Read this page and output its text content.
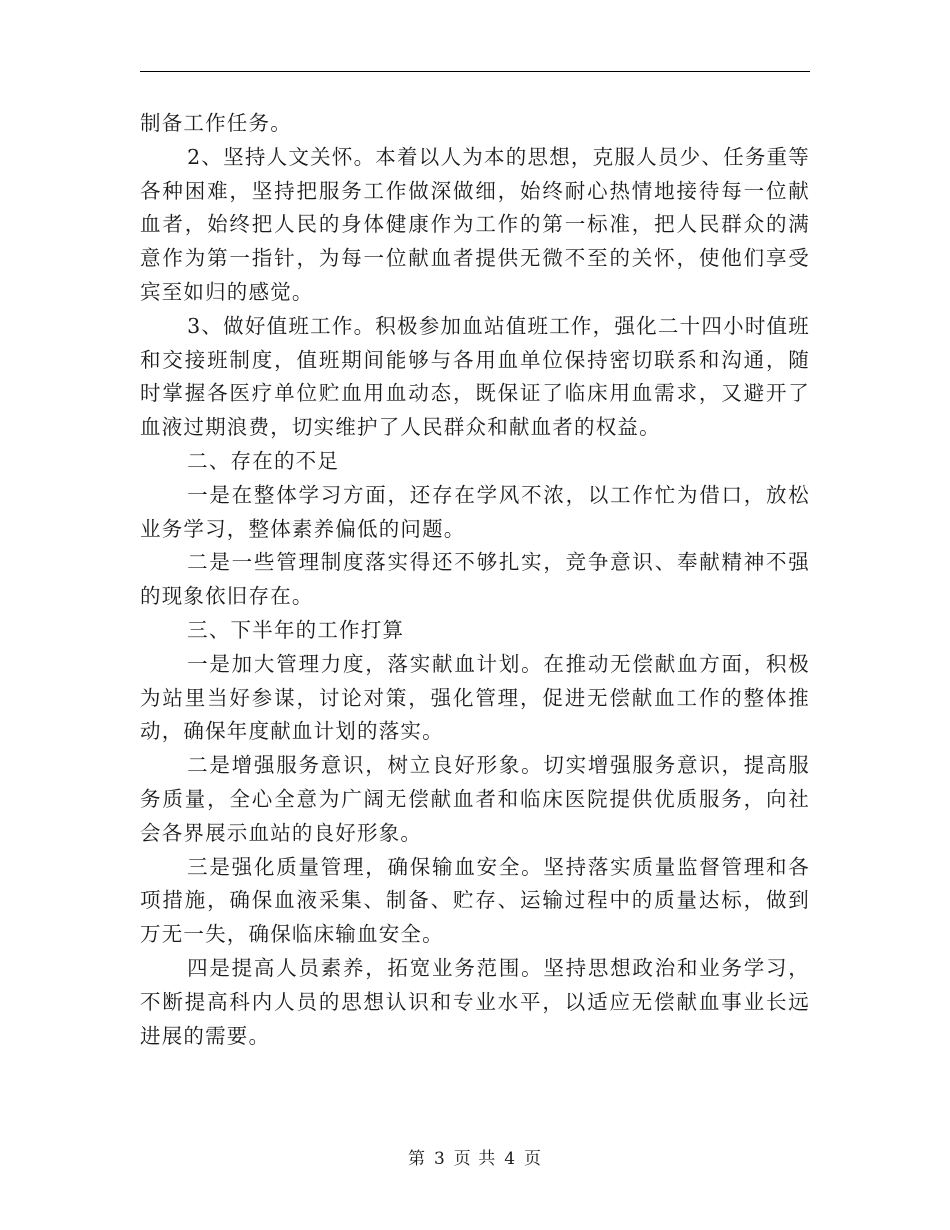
制备工作任务。

2、坚持人文关怀。本着以人为本的思想，克服人员少、任务重等各种困难，坚持把服务工作做深做细，始终耐心热情地接待每一位献血者，始终把人民的身体健康作为工作的第一标准，把人民群众的满意作为第一指针，为每一位献血者提供无微不至的关怀，使他们享受宾至如归的感觉。

3、做好值班工作。积极参加血站值班工作，强化二十四小时值班和交接班制度，值班期间能够与各用血单位保持密切联系和沟通，随时掌握各医疗单位贮血用血动态，既保证了临床用血需求，又避开了血液过期浪费，切实维护了人民群众和献血者的权益。

二、存在的不足

一是在整体学习方面，还存在学风不浓，以工作忙为借口，放松业务学习，整体素养偏低的问题。

二是一些管理制度落实得还不够扎实，竞争意识、奉献精神不强的现象依旧存在。

三、下半年的工作打算

一是加大管理力度，落实献血计划。在推动无偿献血方面，积极为站里当好参谋，讨论对策，强化管理，促进无偿献血工作的整体推动，确保年度献血计划的落实。

二是增强服务意识，树立良好形象。切实增强服务意识，提高服务质量，全心全意为广阔无偿献血者和临床医院提供优质服务，向社会各界展示血站的良好形象。

三是强化质量管理，确保输血安全。坚持落实质量监督管理和各项措施，确保血液采集、制备、贮存、运输过程中的质量达标，做到万无一失，确保临床输血安全。

四是提高人员素养，拓宽业务范围。坚持思想政治和业务学习，不断提高科内人员的思想认识和专业水平，以适应无偿献血事业长远进展的需要。

第 3 页 共 4 页
